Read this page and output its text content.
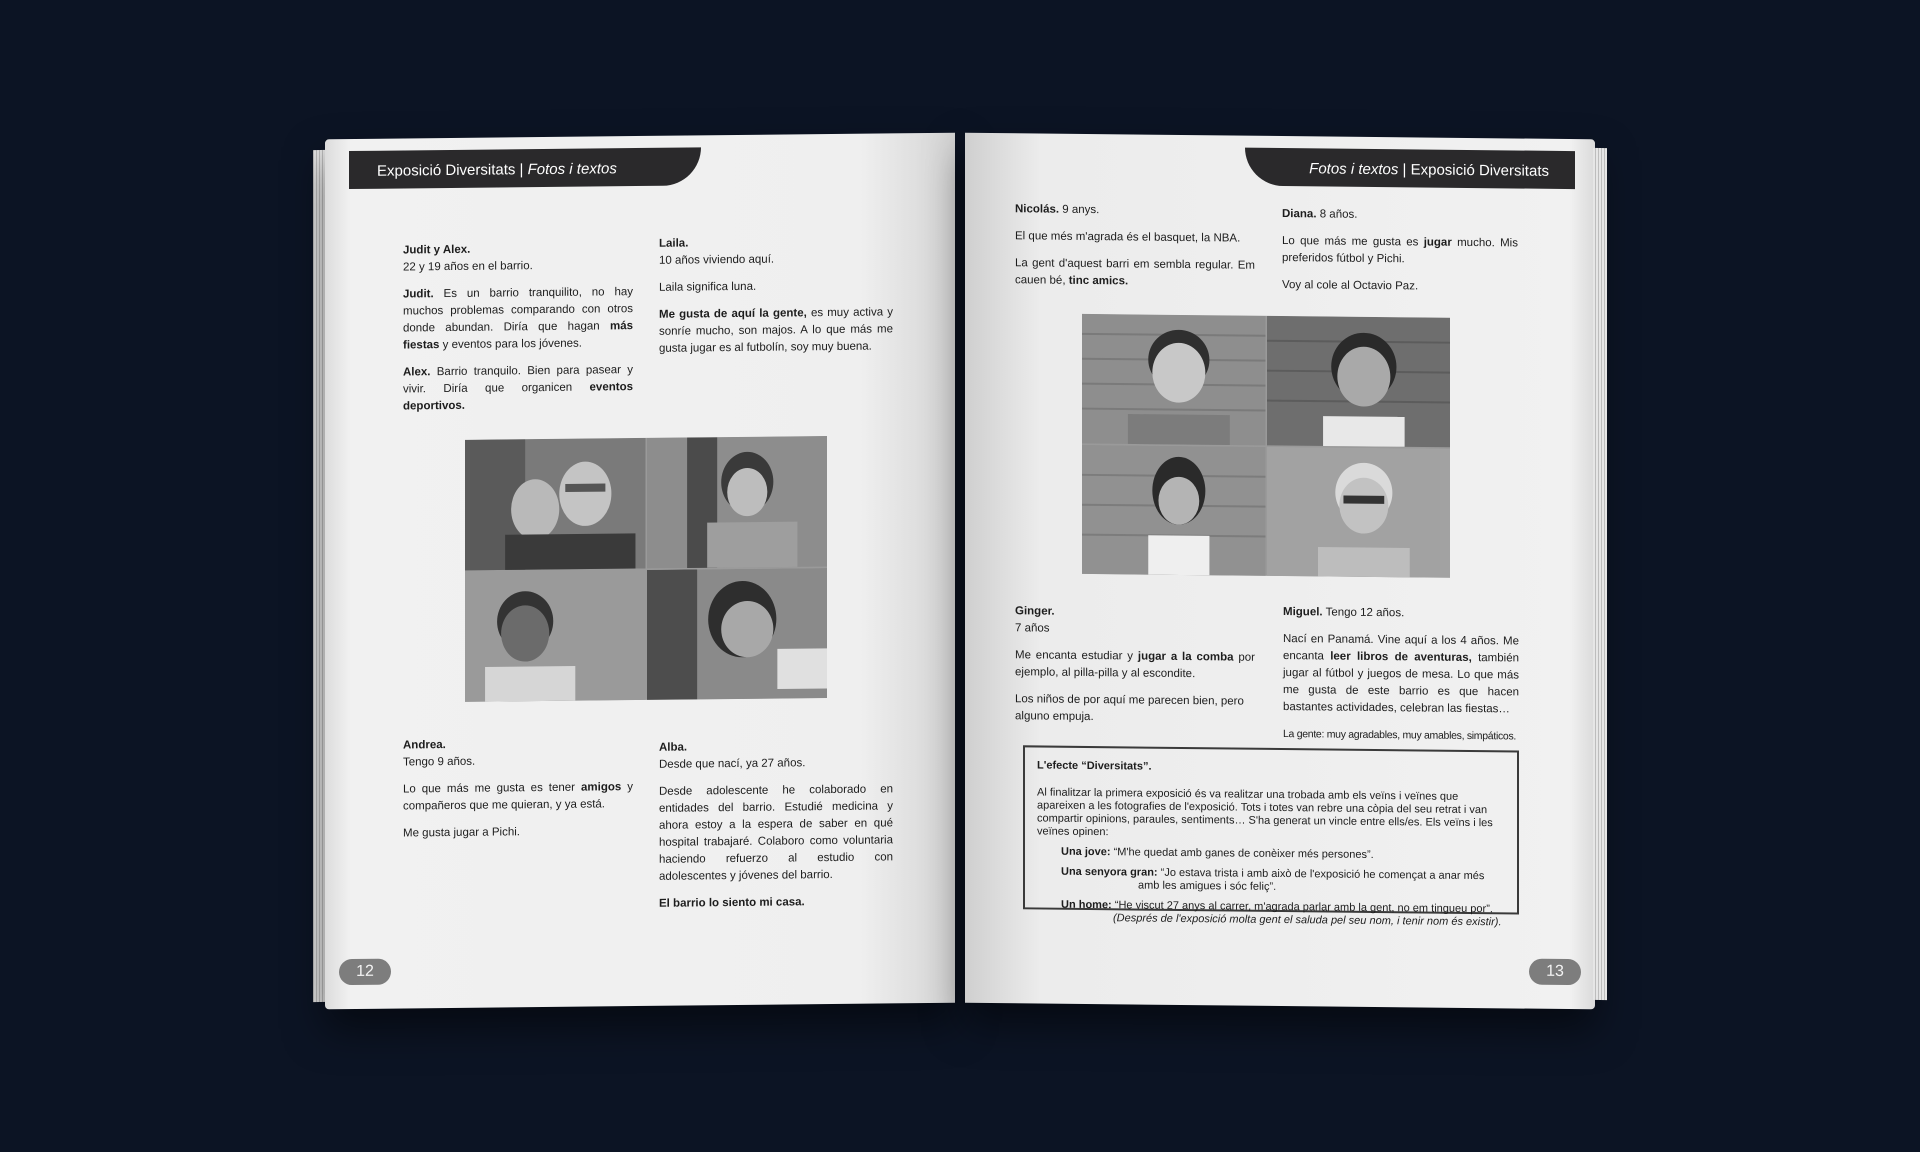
Exposició Diversitats | Fotos i textos

Judit y Alex.
22 y 19 años en el barrio.

Judit. Es un barrio tranquilito, no hay muchos problemas comparando con otros donde abundan. Diría que hagan más fiestas y eventos para los jóvenes.

Alex. Barrio tranquilo. Bien para pasear y vivir. Diría que organicen eventos deportivos.

Laila.
10 años viviendo aquí.

Laila significa luna.

Me gusta de aquí la gente, es muy activa y sonríe mucho, son majos. A lo que más me gusta jugar es al futbolín, soy muy buena.

Andrea.
Tengo 9 años.

Lo que más me gusta es tener amigos y compañeros que me quieran, y ya está.

Me gusta jugar a Pichi.

Alba.
Desde que nací, ya 27 años.

Desde adolescente he colaborado en entidades del barrio. Estudié medicina y ahora estoy a la espera de saber en qué hospital trabajaré. Colaboro como voluntaria haciendo refuerzo al estudio con adolescentes y jóvenes del barrio.

El barrio lo siento mi casa.

12
Fotos i textos | Exposició Diversitats

Nicolás. 9 anys.

El que més m'agrada és el basquet, la NBA.

La gent d'aquest barri em sembla regular. Em cauen bé, tinc amics.

Diana. 8 años.

Lo que más me gusta es jugar mucho. Mis preferidos fútbol y Pichi.

Voy al cole al Octavio Paz.

Ginger.
7 años

Me encanta estudiar y jugar a la comba por ejemplo, al pilla-pilla y al escondite.

Los niños de por aquí me parecen bien, pero alguno empuja.

Miguel. Tengo 12 años.

Nací en Panamá. Vine aquí a los 4 años. Me encanta leer libros de aventuras, también jugar al fútbol y juegos de mesa. Lo que más me gusta de este barrio es que hacen bastantes actividades, celebran las fiestas…

La gente: muy agradables, muy amables, simpáticos.

L'efecte “Diversitats”.
Al finalitzar la primera exposició és va realitzar una trobada amb els veïns i veïnes que apareixen a les fotografies de l'exposició. Tots i totes van rebre una còpia del seu retrat i van compartir opinions, paraules, sentiments… S'ha generat un vincle entre ells/es. Els veïns i les veïnes opinen:
Una jove: “M'he quedat amb ganes de conèixer més persones”.
Una senyora gran: “Jo estava trista i amb això de l'exposició he començat a anar més
amb les amigues i sóc feliç”.
Un home: “He viscut 27 anys al carrer, m'agrada parlar amb la gent, no em tingueu por”.
(Després de l'exposició molta gent el saluda pel seu nom, i tenir nom és existir).
13
